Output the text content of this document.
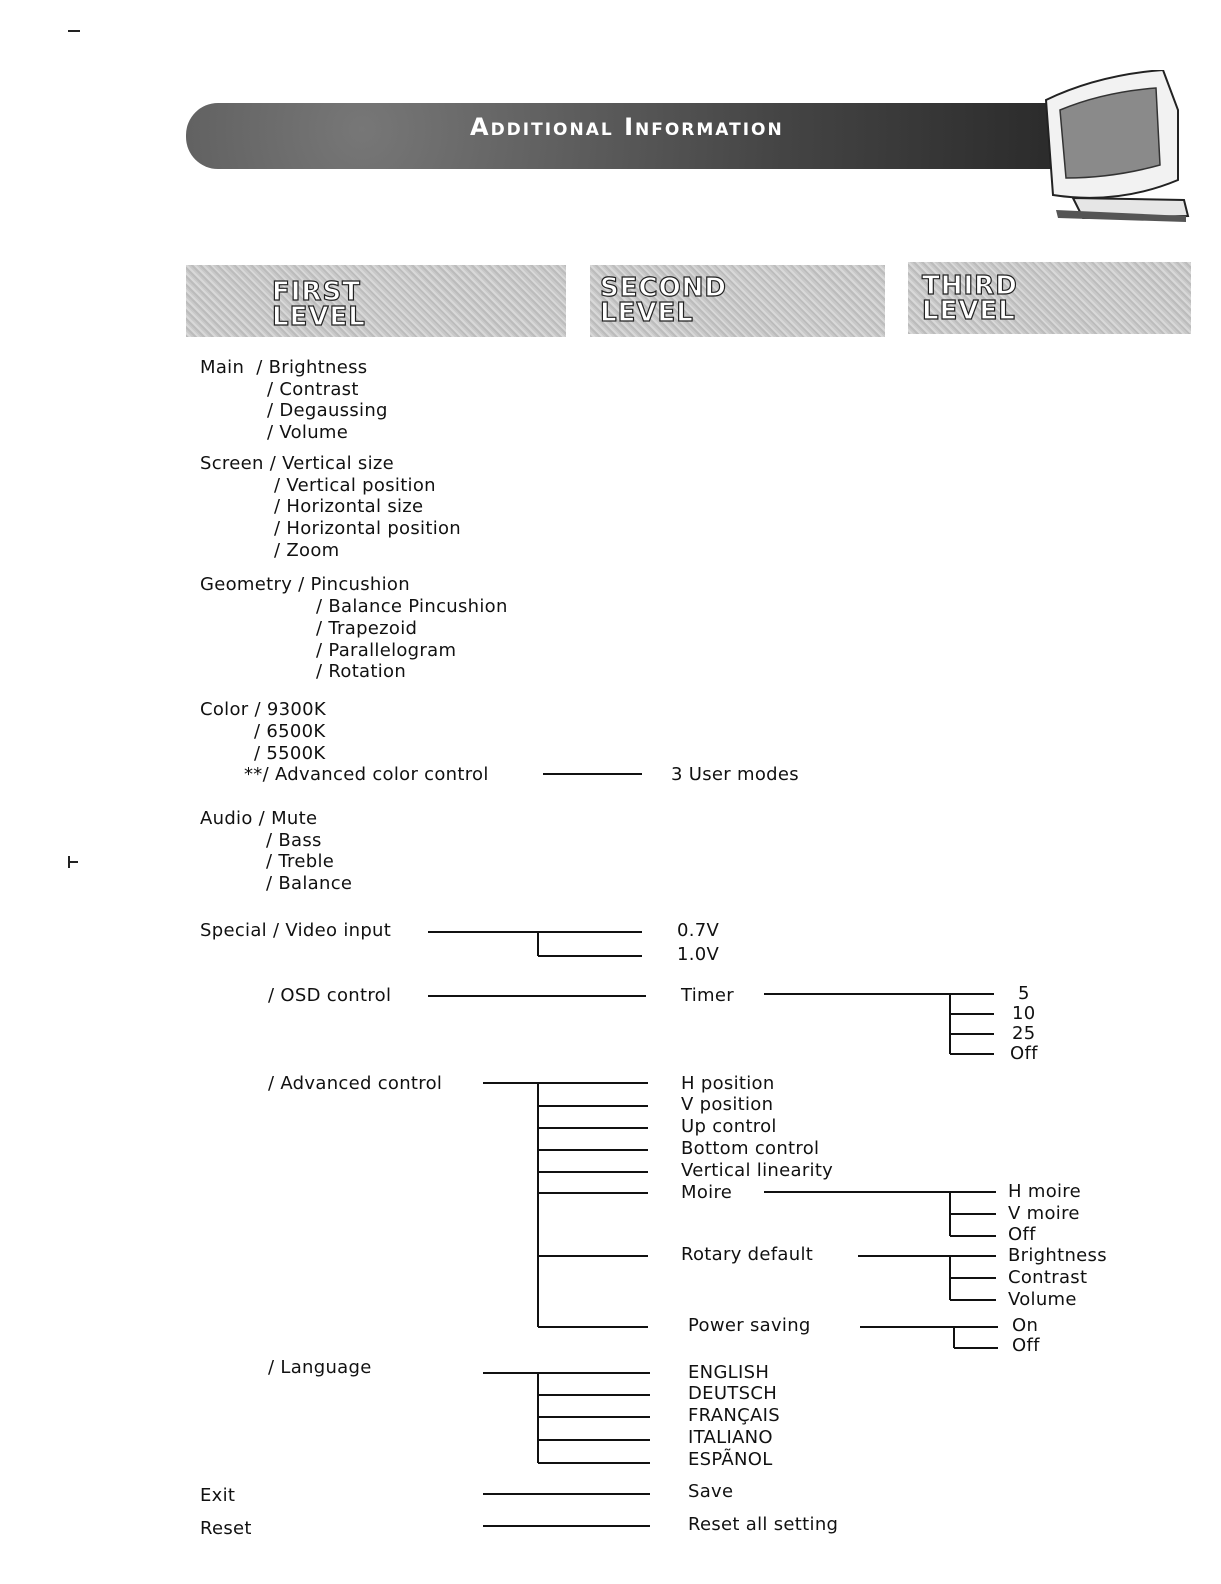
Additional Information
FIRST
LEVEL
SECOND
LEVEL
THIRD
LEVEL
Main  / Brightness
/ Contrast
/ Degaussing
/ Volume
Screen / Vertical size
/ Vertical position
/ Horizontal size
/ Horizontal position
/ Zoom
Geometry / Pincushion
/ Balance Pincushion
/ Trapezoid
/ Parallelogram
/ Rotation
Color / 9300K
/ 6500K
/ 5500K
**/ Advanced color control	3 User modes
Audio / Mute
/ Bass
/ Treble
/ Balance
Special / Video input	0.7V
1.0V
/ OSD control	Timer	5
10
25
Off
/ Advanced control	H position
V position
Up control
Bottom control
Vertical linearity
Moire
Rotary default
Power saving
H moire
V moire
Off
Brightness
Contrast
Volume
On
Off
/ Language	ENGLISH
DEUTSCH
FRANÇAIS
ITALIANO
ESPÃNOL
Exit	Save
Reset	Reset all setting
